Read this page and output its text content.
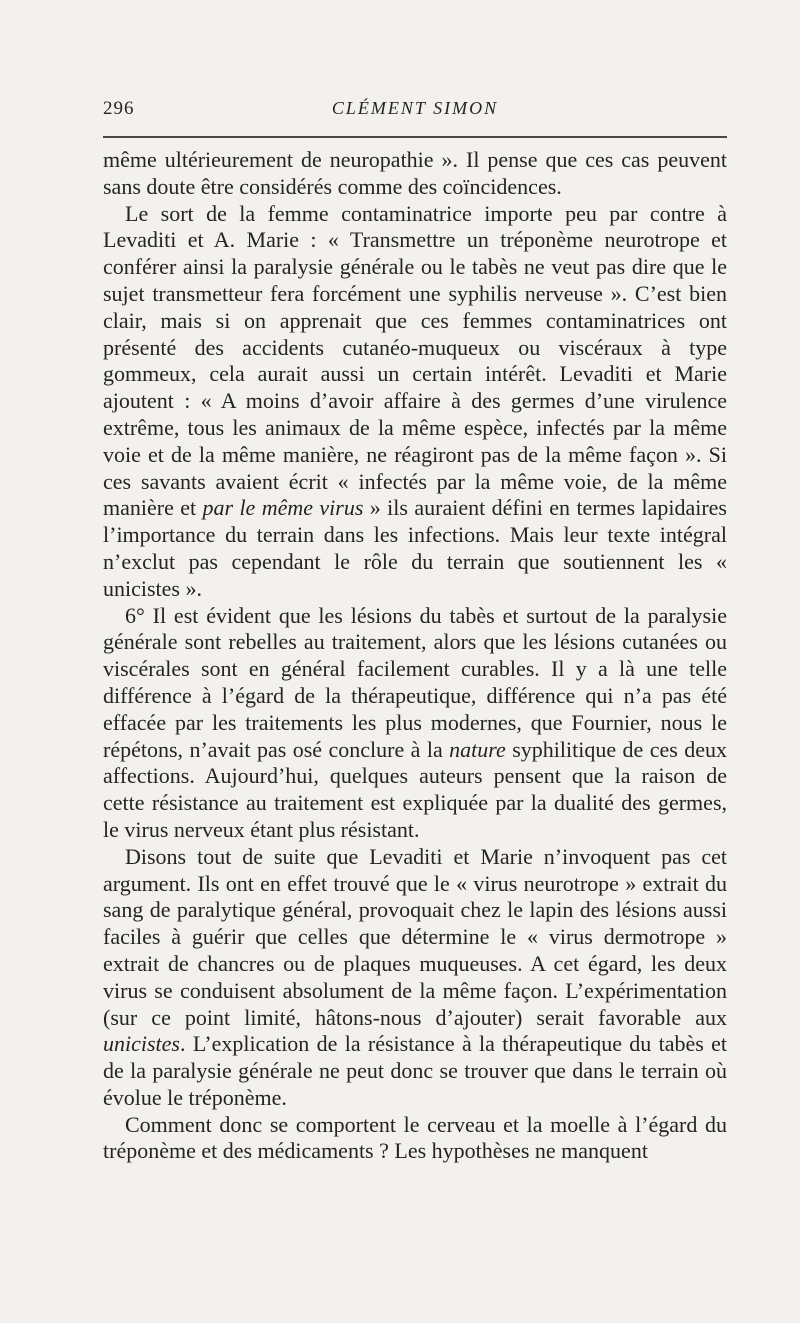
296	CLÉMENT SIMON

même ultérieurement de neuropathie ». Il pense que ces cas peuvent sans doute être considérés comme des coïncidences.

Le sort de la femme contaminatrice importe peu par contre à Levaditi et A. Marie : « Transmettre un tréponème neurotrope et conférer ainsi la paralysie générale ou le tabès ne veut pas dire que le sujet transmetteur fera forcément une syphilis nerveuse ». C’est bien clair, mais si on apprenait que ces femmes contaminatrices ont présenté des accidents cutanéo-muqueux ou viscéraux à type gommeux, cela aurait aussi un certain intérêt. Levaditi et Marie ajoutent : « A moins d’avoir affaire à des germes d’une virulence extrême, tous les animaux de la même espèce, infectés par la même voie et de la même manière, ne réagiront pas de la même façon ». Si ces savants avaient écrit « infectés par la même voie, de la même manière et par le même virus » ils auraient défini en termes lapidaires l’importance du terrain dans les infections. Mais leur texte intégral n’exclut pas cependant le rôle du terrain que soutiennent les « unicistes ».

6° Il est évident que les lésions du tabès et surtout de la paralysie générale sont rebelles au traitement, alors que les lésions cutanées ou viscérales sont en général facilement curables. Il y a là une telle différence à l’égard de la thérapeutique, différence qui n’a pas été effacée par les traitements les plus modernes, que Fournier, nous le répétons, n’avait pas osé conclure à la nature syphilitique de ces deux affections. Aujourd’hui, quelques auteurs pensent que la raison de cette résistance au traitement est expliquée par la dualité des germes, le virus nerveux étant plus résistant.

Disons tout de suite que Levaditi et Marie n’invoquent pas cet argument. Ils ont en effet trouvé que le « virus neurotrope » extrait du sang de paralytique général, provoquait chez le lapin des lésions aussi faciles à guérir que celles que détermine le « virus dermotrope » extrait de chancres ou de plaques muqueuses. A cet égard, les deux virus se conduisent absolument de la même façon. L’expérimentation (sur ce point limité, hâtons-nous d’ajouter) serait favorable aux unicistes. L’explication de la résistance à la thérapeutique du tabès et de la paralysie générale ne peut donc se trouver que dans le terrain où évolue le tréponème.

Comment donc se comportent le cerveau et la moelle à l’égard du tréponème et des médicaments ? Les hypothèses ne manquent
